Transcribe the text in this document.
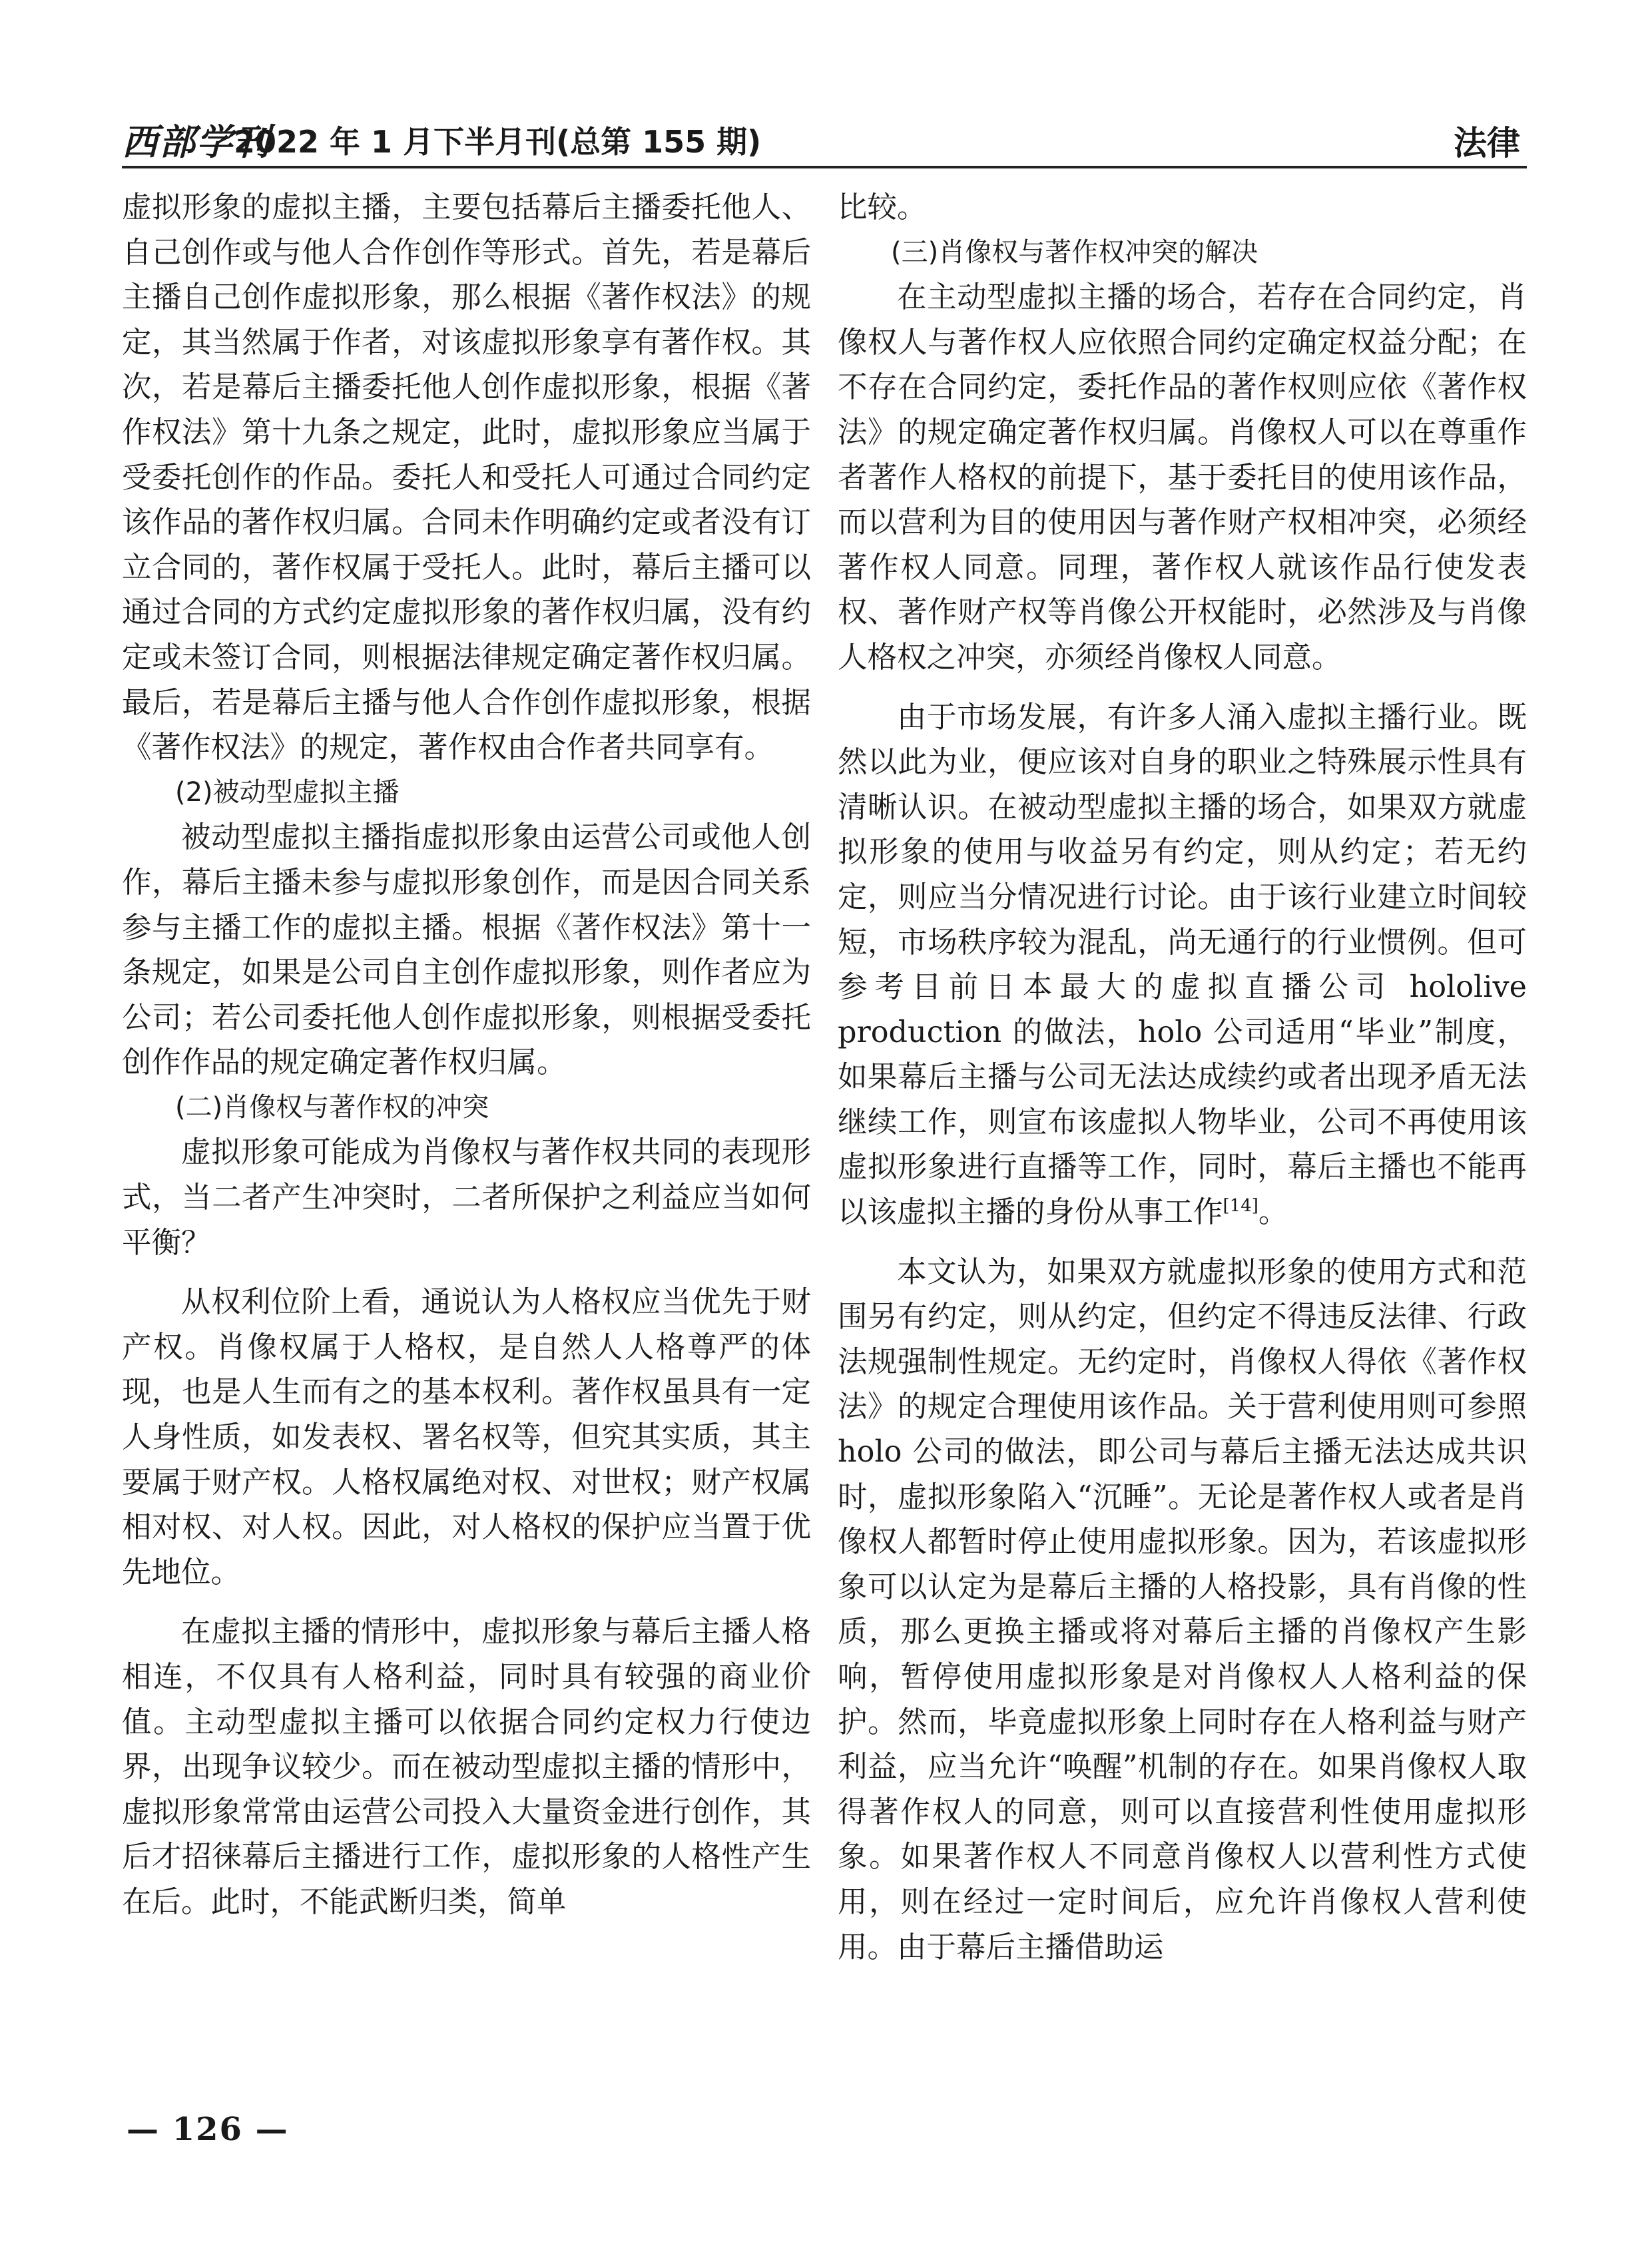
西部学刊
2022 年 1 月下半月刊(总第 155 期)	法律

虚拟形象的虚拟主播，主要包括幕后主播委托他人、自己创作或与他人合作创作等形式。首先，若是幕后主播自己创作虚拟形象，那么根据《著作权法》的规定，其当然属于作者，对该虚拟形象享有著作权。其次，若是幕后主播委托他人创作虚拟形象，根据《著作权法》第十九条之规定，此时，虚拟形象应当属于受委托创作的作品。委托人和受托人可通过合同约定该作品的著作权归属。合同未作明确约定或者没有订立合同的，著作权属于受托人。此时，幕后主播可以通过合同的方式约定虚拟形象的著作权归属，没有约定或未签订合同，则根据法律规定确定著作权归属。最后，若是幕后主播与他人合作创作虚拟形象，根据《著作权法》的规定，著作权由合作者共同享有。

(2)被动型虚拟主播

被动型虚拟主播指虚拟形象由运营公司或他人创作，幕后主播未参与虚拟形象创作，而是因合同关系参与主播工作的虚拟主播。根据《著作权法》第十一条规定，如果是公司自主创作虚拟形象，则作者应为公司；若公司委托他人创作虚拟形象，则根据受委托创作作品的规定确定著作权归属。

(二)肖像权与著作权的冲突

虚拟形象可能成为肖像权与著作权共同的表现形式，当二者产生冲突时，二者所保护之利益应当如何平衡？

从权利位阶上看，通说认为人格权应当优先于财产权。肖像权属于人格权，是自然人人格尊严的体现，也是人生而有之的基本权利。著作权虽具有一定人身性质，如发表权、署名权等，但究其实质，其主要属于财产权。人格权属绝对权、对世权；财产权属相对权、对人权。因此，对人格权的保护应当置于优先地位。

在虚拟主播的情形中，虚拟形象与幕后主播人格相连，不仅具有人格利益，同时具有较强的商业价值。主动型虚拟主播可以依据合同约定权力行使边界，出现争议较少。而在被动型虚拟主播的情形中，虚拟形象常常由运营公司投入大量资金进行创作，其后才招徕幕后主播进行工作，虚拟形象的人格性产生在后。此时，不能武断归类，简单

比较。

(三)肖像权与著作权冲突的解决

在主动型虚拟主播的场合，若存在合同约定，肖像权人与著作权人应依照合同约定确定权益分配；在不存在合同约定，委托作品的著作权则应依《著作权法》的规定确定著作权归属。肖像权人可以在尊重作者著作人格权的前提下，基于委托目的使用该作品，而以营利为目的使用因与著作财产权相冲突，必须经著作权人同意。同理，著作权人就该作品行使发表权、著作财产权等肖像公开权能时，必然涉及与肖像人格权之冲突，亦须经肖像权人同意。

由于市场发展，有许多人涌入虚拟主播行业。既然以此为业，便应该对自身的职业之特殊展示性具有清晰认识。在被动型虚拟主播的场合，如果双方就虚拟形象的使用与收益另有约定，则从约定；若无约定，则应当分情况进行讨论。由于该行业建立时间较短，市场秩序较为混乱，尚无通行的行业惯例。但可参考目前日本最大的虚拟直播公司 hololive production 的做法，holo 公司适用“毕业”制度，如果幕后主播与公司无法达成续约或者出现矛盾无法继续工作，则宣布该虚拟人物毕业，公司不再使用该虚拟形象进行直播等工作，同时，幕后主播也不能再以该虚拟主播的身份从事工作[14]。

本文认为，如果双方就虚拟形象的使用方式和范围另有约定，则从约定，但约定不得违反法律、行政法规强制性规定。无约定时，肖像权人得依《著作权法》的规定合理使用该作品。关于营利使用则可参照 holo 公司的做法，即公司与幕后主播无法达成共识时，虚拟形象陷入“沉睡”。无论是著作权人或者是肖像权人都暂时停止使用虚拟形象。因为，若该虚拟形象可以认定为是幕后主播的人格投影，具有肖像的性质，那么更换主播或将对幕后主播的肖像权产生影响，暂停使用虚拟形象是对肖像权人人格利益的保护。然而，毕竟虚拟形象上同时存在人格利益与财产利益，应当允许“唤醒”机制的存在。如果肖像权人取得著作权人的同意，则可以直接营利性使用虚拟形象。如果著作权人不同意肖像权人以营利性方式使用，则在经过一定时间后，应允许肖像权人营利使用。由于幕后主播借助运

— 126 —
